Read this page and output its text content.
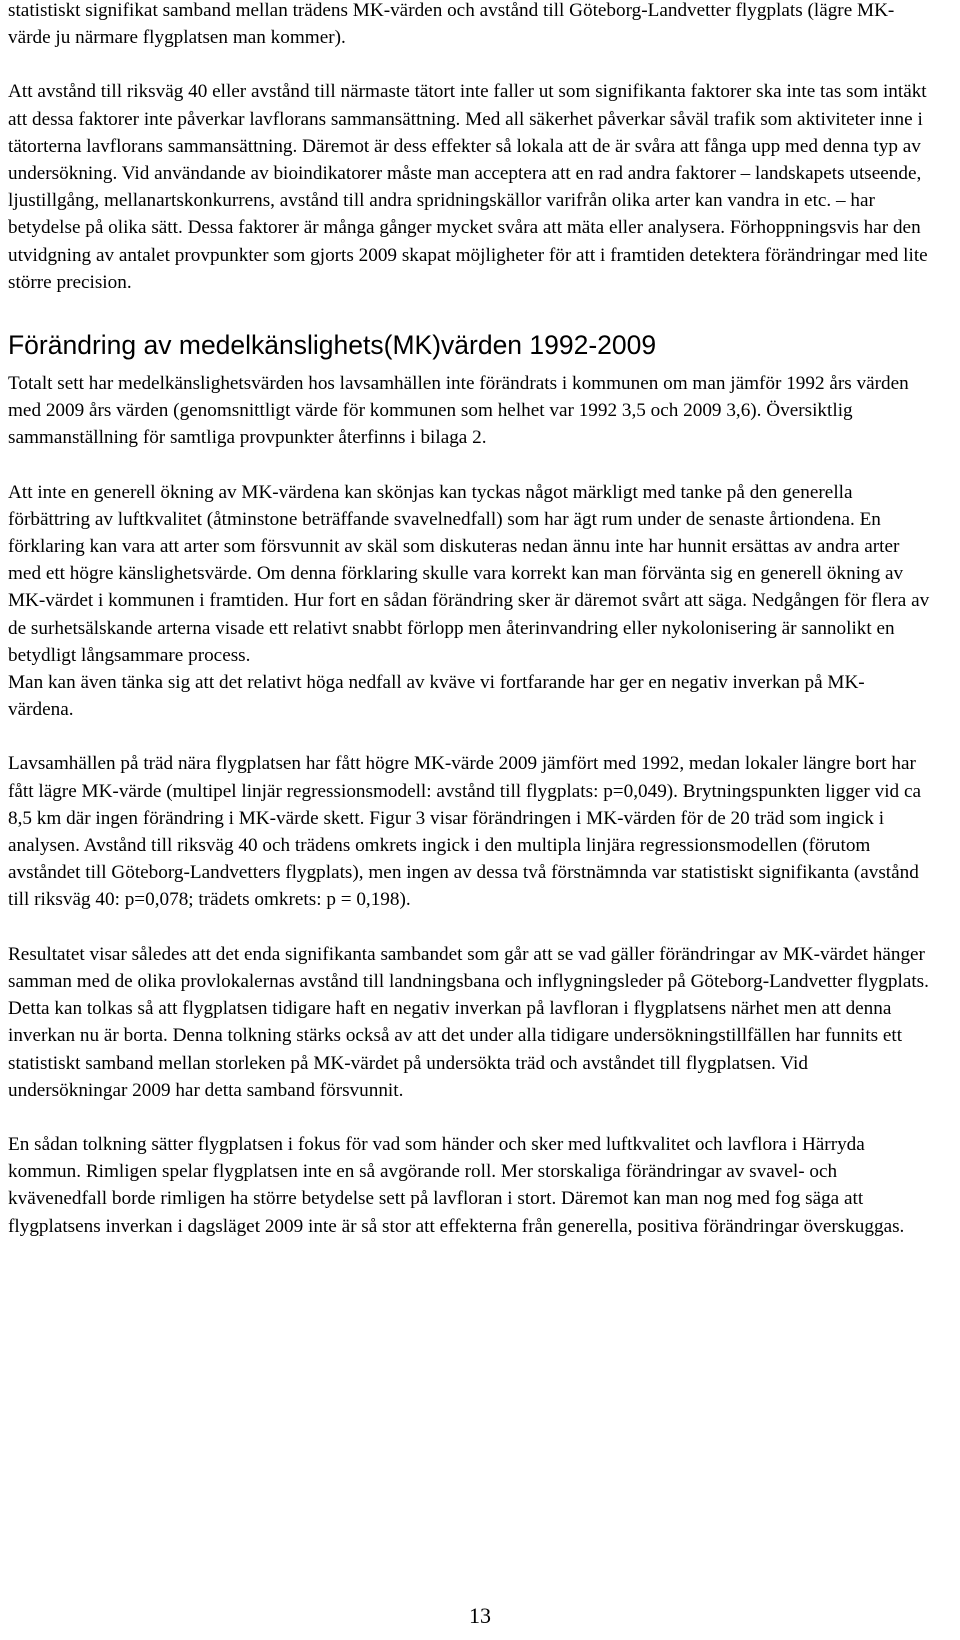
statistiskt signifikat samband mellan trädens MK-värden och avstånd till Göteborg-Landvetter flygplats (lägre MK-värde ju närmare flygplatsen man kommer).

Att avstånd till riksväg 40 eller avstånd till närmaste tätort inte faller ut som signifikanta faktorer ska inte tas som intäkt att dessa faktorer inte påverkar lavflorans sammansättning. Med all säkerhet påverkar såväl trafik som aktiviteter inne i tätorterna lavflorans sammansättning. Däremot är dess effekter så lokala att de är svåra att fånga upp med denna typ av undersökning. Vid användande av bioindikatorer måste man acceptera att en rad andra faktorer – landskapets utseende, ljustillgång, mellanartskonkurrens, avstånd till andra spridningskällor varifrån olika arter kan vandra in etc. – har betydelse på olika sätt. Dessa faktorer är många gånger mycket svåra att mäta eller analysera. Förhoppningsvis har den utvidgning av antalet provpunkter som gjorts 2009 skapat möjligheter för att i framtiden detektera förändringar med lite större precision.

Förändring av medelkänslighets(MK)värden 1992-2009

Totalt sett har medelkänslighetsvärden hos lavsamhällen inte förändrats i kommunen om man jämför 1992 års värden med 2009 års värden (genomsnittligt värde för kommunen som helhet var 1992 3,5 och 2009 3,6). Översiktlig sammanställning för samtliga provpunkter återfinns i bilaga 2.

Att inte en generell ökning av MK-värdena kan skönjas kan tyckas något märkligt med tanke på den generella förbättring av luftkvalitet (åtminstone beträffande svavelnedfall) som har ägt rum under de senaste årtiondena. En förklaring kan vara att arter som försvunnit av skäl som diskuteras nedan ännu inte har hunnit ersättas av andra arter med ett högre känslighetsvärde. Om denna förklaring skulle vara korrekt kan man förvänta sig en generell ökning av MK-värdet i kommunen i framtiden. Hur fort en sådan förändring sker är däremot svårt att säga. Nedgången för flera av de surhetsälskande arterna visade ett relativt snabbt förlopp men återinvandring eller nykolonisering är sannolikt en betydligt långsammare process.

Man kan även tänka sig att det relativt höga nedfall av kväve vi fortfarande har ger en negativ inverkan på MK-värdena.

Lavsamhällen på träd nära flygplatsen har fått högre MK-värde 2009 jämfört med 1992, medan lokaler längre bort har fått lägre MK-värde (multipel linjär regressionsmodell: avstånd till flygplats: p=0,049). Brytningspunkten ligger vid ca 8,5 km där ingen förändring i MK-värde skett. Figur 3 visar förändringen i MK-värden för de 20 träd som ingick i analysen. Avstånd till riksväg 40 och trädens omkrets ingick i den multipla linjära regressionsmodellen (förutom avståndet till Göteborg-Landvetters flygplats), men ingen av dessa två förstnämnda var statistiskt signifikanta (avstånd till riksväg 40: p=0,078; trädets omkrets: p = 0,198).

Resultatet visar således att det enda signifikanta sambandet som går att se vad gäller förändringar av MK-värdet hänger samman med de olika provlokalernas avstånd till landningsbana och inflygningsleder på Göteborg-Landvetter flygplats. Detta kan tolkas så att flygplatsen tidigare haft en negativ inverkan på lavfloran i flygplatsens närhet men att denna inverkan nu är borta. Denna tolkning stärks också av att det under alla tidigare undersökningstillfällen har funnits ett statistiskt samband mellan storleken på MK-värdet på undersökta träd och avståndet till flygplatsen. Vid undersökningar 2009 har detta samband försvunnit.

En sådan tolkning sätter flygplatsen i fokus för vad som händer och sker med luftkvalitet och lavflora i Härryda kommun. Rimligen spelar flygplatsen inte en så avgörande roll. Mer storskaliga förändringar av svavel- och kvävenedfall borde rimligen ha större betydelse sett på lavfloran i stort. Däremot kan man nog med fog säga att flygplatsens inverkan i dagsläget 2009 inte är så stor att effekterna från generella, positiva förändringar överskuggas.

13
